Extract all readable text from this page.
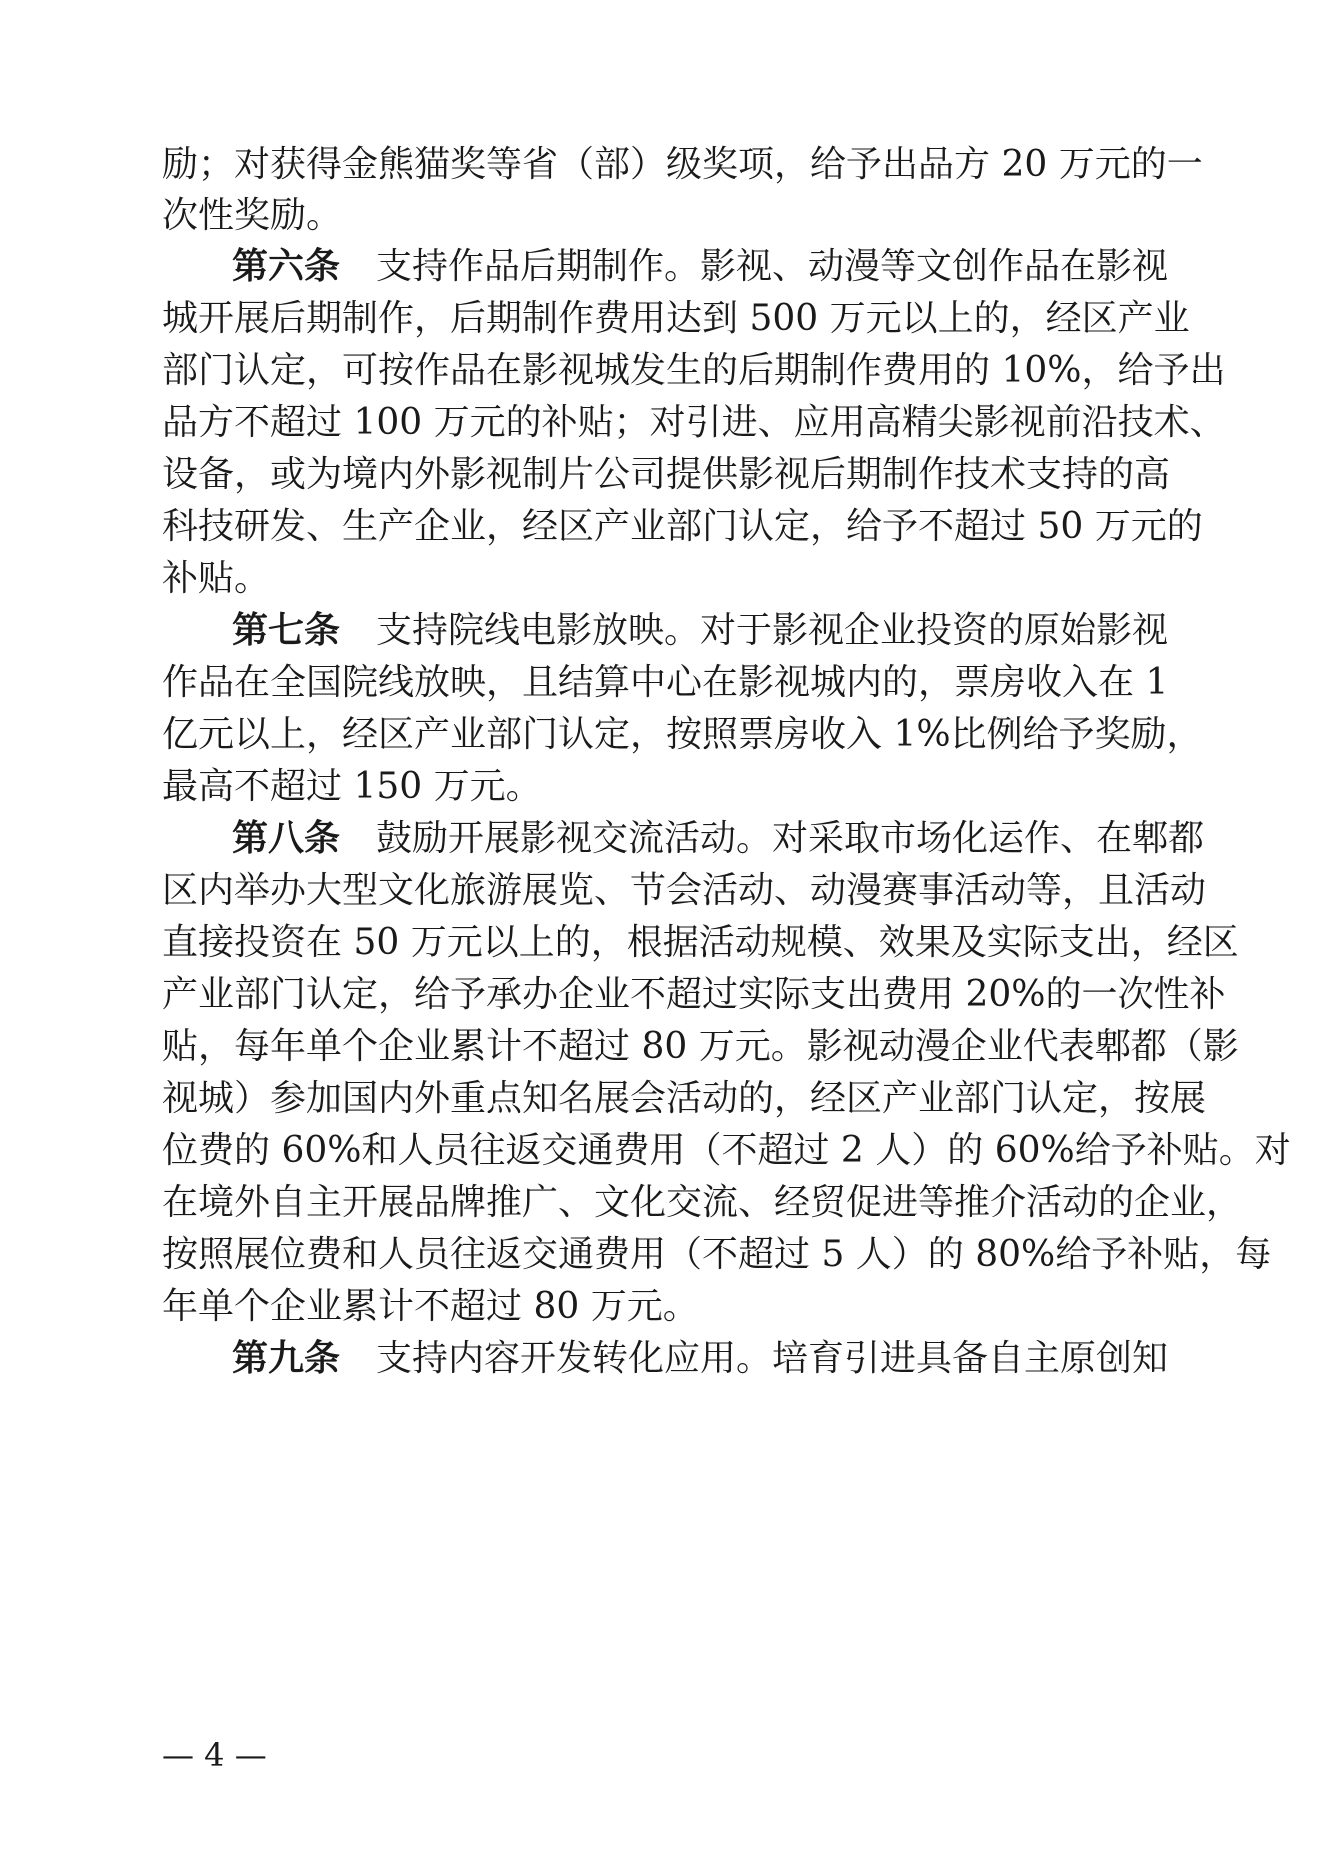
励；对获得金熊猫奖等省（部）级奖项，给予出品方 20 万元的一
次性奖励。
第六条 支持作品后期制作。影视、动漫等文创作品在影视
城开展后期制作，后期制作费用达到 500 万元以上的，经区产业
部门认定，可按作品在影视城发生的后期制作费用的 10%，给予出
品方不超过 100 万元的补贴；对引进、应用高精尖影视前沿技术、
设备，或为境内外影视制片公司提供影视后期制作技术支持的高
科技研发、生产企业，经区产业部门认定，给予不超过 50 万元的
补贴。
第七条 支持院线电影放映。对于影视企业投资的原始影视
作品在全国院线放映，且结算中心在影视城内的，票房收入在 1
亿元以上，经区产业部门认定，按照票房收入 1%比例给予奖励，
最高不超过 150 万元。
第八条 鼓励开展影视交流活动。对采取市场化运作、在郫都
区内举办大型文化旅游展览、节会活动、动漫赛事活动等，且活动
直接投资在 50 万元以上的，根据活动规模、效果及实际支出，经区
产业部门认定，给予承办企业不超过实际支出费用 20%的一次性补
贴，每年单个企业累计不超过 80 万元。影视动漫企业代表郫都（影
视城）参加国内外重点知名展会活动的，经区产业部门认定，按展
位费的 60%和人员往返交通费用（不超过 2 人）的 60%给予补贴。对
在境外自主开展品牌推广、文化交流、经贸促进等推介活动的企业，
按照展位费和人员往返交通费用（不超过 5 人）的 80%给予补贴，每
年单个企业累计不超过 80 万元。
第九条 支持内容开发转化应用。培育引进具备自主原创知
— 4 —
